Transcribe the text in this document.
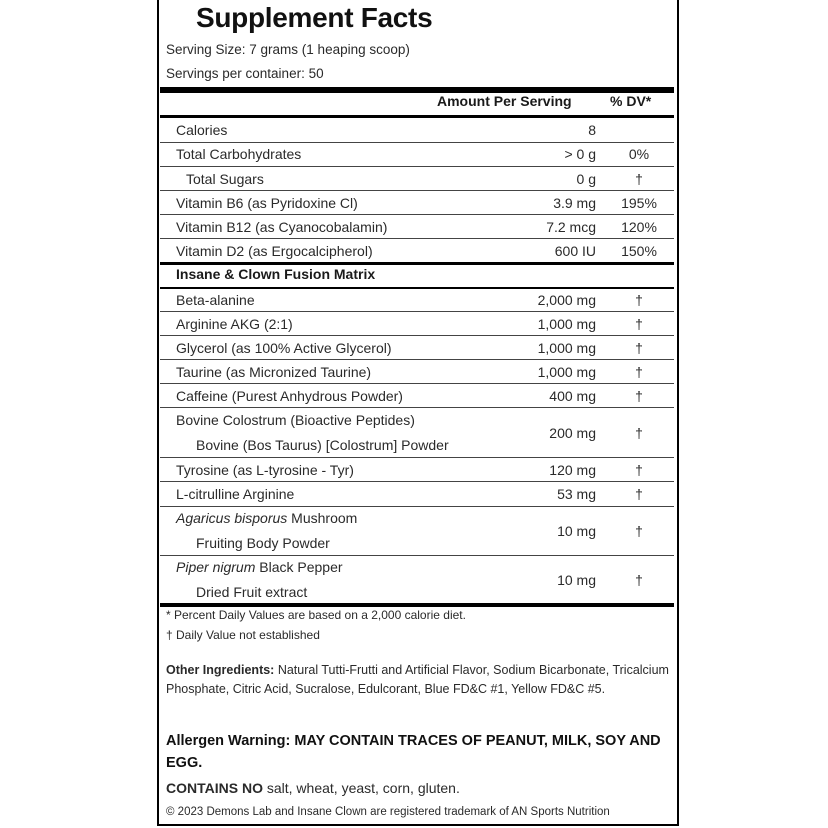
Supplement Facts
Serving Size: 7 grams (1 heaping scoop)
Servings per container: 50
Amount Per Serving	% DV*
Calories	8
Total Carbohydrates	> 0 g	0%
Total Sugars	0 g	†
Vitamin B6 (as Pyridoxine Cl)	3.9 mg	195%
Vitamin B12 (as Cyanocobalamin)	7.2 mcg	120%
Vitamin D2 (as Ergocalcipherol)	600 IU	150%
Insane & Clown Fusion Matrix
Beta-alanine	2,000 mg	†
Arginine AKG (2:1)	1,000 mg	†
Glycerol (as 100% Active Glycerol)	1,000 mg	†
Taurine (as Micronized Taurine)	1,000 mg	†
Caffeine (Purest Anhydrous Powder)	400 mg	†
Bovine Colostrum (Bioactive Peptides)
Bovine (Bos Taurus) [Colostrum] Powder
200 mg	†
Tyrosine (as L-tyrosine - Tyr)	120 mg	†
L-citrulline Arginine	53 mg	†
Agaricus bisporus Mushroom
Fruiting Body Powder
10 mg	†
Piper nigrum Black Pepper
Dried Fruit extract
10 mg	†
* Percent Daily Values are based on a 2,000 calorie diet.
† Daily Value not established
Other Ingredients: Natural Tutti-Frutti and Artificial Flavor, Sodium Bicarbonate, Tricalcium Phosphate, Citric Acid, Sucralose, Edulcorant, Blue FD&C #1, Yellow FD&C #5.
Allergen Warning: MAY CONTAIN TRACES OF PEANUT, MILK, SOY AND EGG.
CONTAINS NO salt, wheat, yeast, corn, gluten.
© 2023 Demons Lab and Insane Clown are registered trademark of AN Sports Nutrition
